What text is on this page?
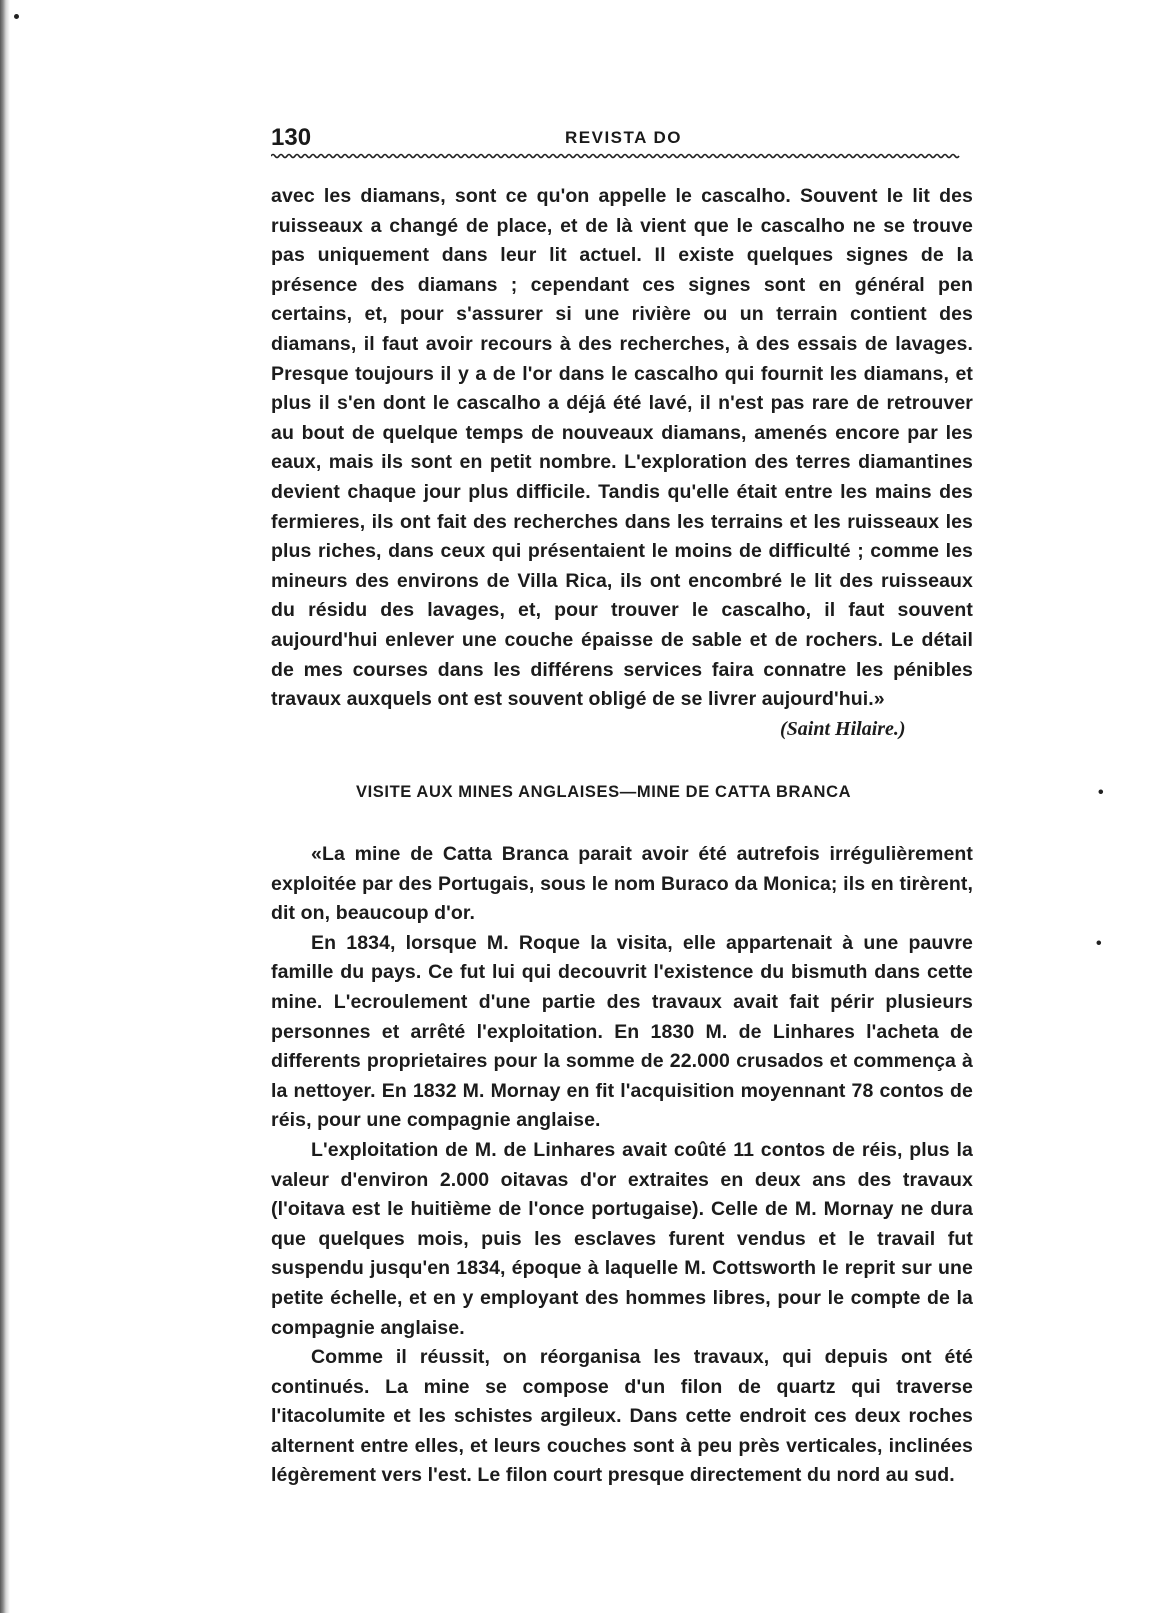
130	REVISTA DO
avec les diamans, sont ce qu'on appelle le cascalho. Souvent le lit des ruisseaux a changé de place, et de là vient que le cascalho ne se trouve pas uniquement dans leur lit actuel. Il existe quelques signes de la présence des diamans ; cependant ces signes sont en général pen certains, et, pour s'assurer si une rivière ou un terrain contient des diamans, il faut avoir recours à des recherches, à des essais de lavages. Presque toujours il y a de l'or dans le cascalho qui fournit les diamans, et plus il s'en dont le cascalho a déjá été lavé, il n'est pas rare de retrouver au bout de quelque temps de nouveaux diamans, amenés encore par les eaux, mais ils sont en petit nombre. L'exploration des terres diamantines devient chaque jour plus difficile. Tandis qu'elle était entre les mains des fermieres, ils ont fait des recherches dans les terrains et les ruisseaux les plus riches, dans ceux qui présentaient le moins de difficulté ; comme les mineurs des environs de Villa Rica, ils ont encombré le lit des ruisseaux du résidu des lavages, et, pour trouver le cascalho, il faut souvent aujourd'hui enlever une couche épaisse de sable et de rochers. Le détail de mes courses dans les différens services faira connatre les pénibles travaux auxquels ont est souvent obligé de se livrer aujourd'hui.»
(Saint Hilaire.)
VISITE AUX MINES ANGLAISES—MINE DE CATTA BRANCA	•
«La mine de Catta Branca parait avoir été autrefois irrégulièrement exploitée par des Portugais, sous le nom Buraco da Monica; ils en tirèrent, dit on, beaucoup d'or.
En 1834, lorsque M. Roque la visita, elle appartenait à une pauvre famille du pays. Ce fut lui qui decouvrit l'existence du bismuth dans cette mine. L'ecroulement d'une partie des travaux avait fait périr plusieurs personnes et arrêté l'exploitation. En 1830 M. de Linhares l'acheta de differents proprietaires pour la somme de 22.000 crusados et commença à la nettoyer. En 1832 M. Mornay en fit l'acquisition moyennant 78 contos de réis, pour une compagnie anglaise.
L'exploitation de M. de Linhares avait coûté 11 contos de réis, plus la valeur d'environ 2.000 oitavas d'or extraites en deux ans des travaux (l'oitava est le huitième de l'once portugaise). Celle de M. Mornay ne dura que quelques mois, puis les esclaves furent vendus et le travail fut suspendu jusqu'en 1834, époque à laquelle M. Cottsworth le reprit sur une petite échelle, et en y employant des hommes libres, pour le compte de la compagnie anglaise.
Comme il réussit, on réorganisa les travaux, qui depuis ont été continués. La mine se compose d'un filon de quartz qui traverse l'itacolumite et les schistes argileux. Dans cette endroit ces deux roches alternent entre elles, et leurs couches sont à peu près verticales, inclinées légèrement vers l'est. Le filon court presque directement du nord au sud.
•
